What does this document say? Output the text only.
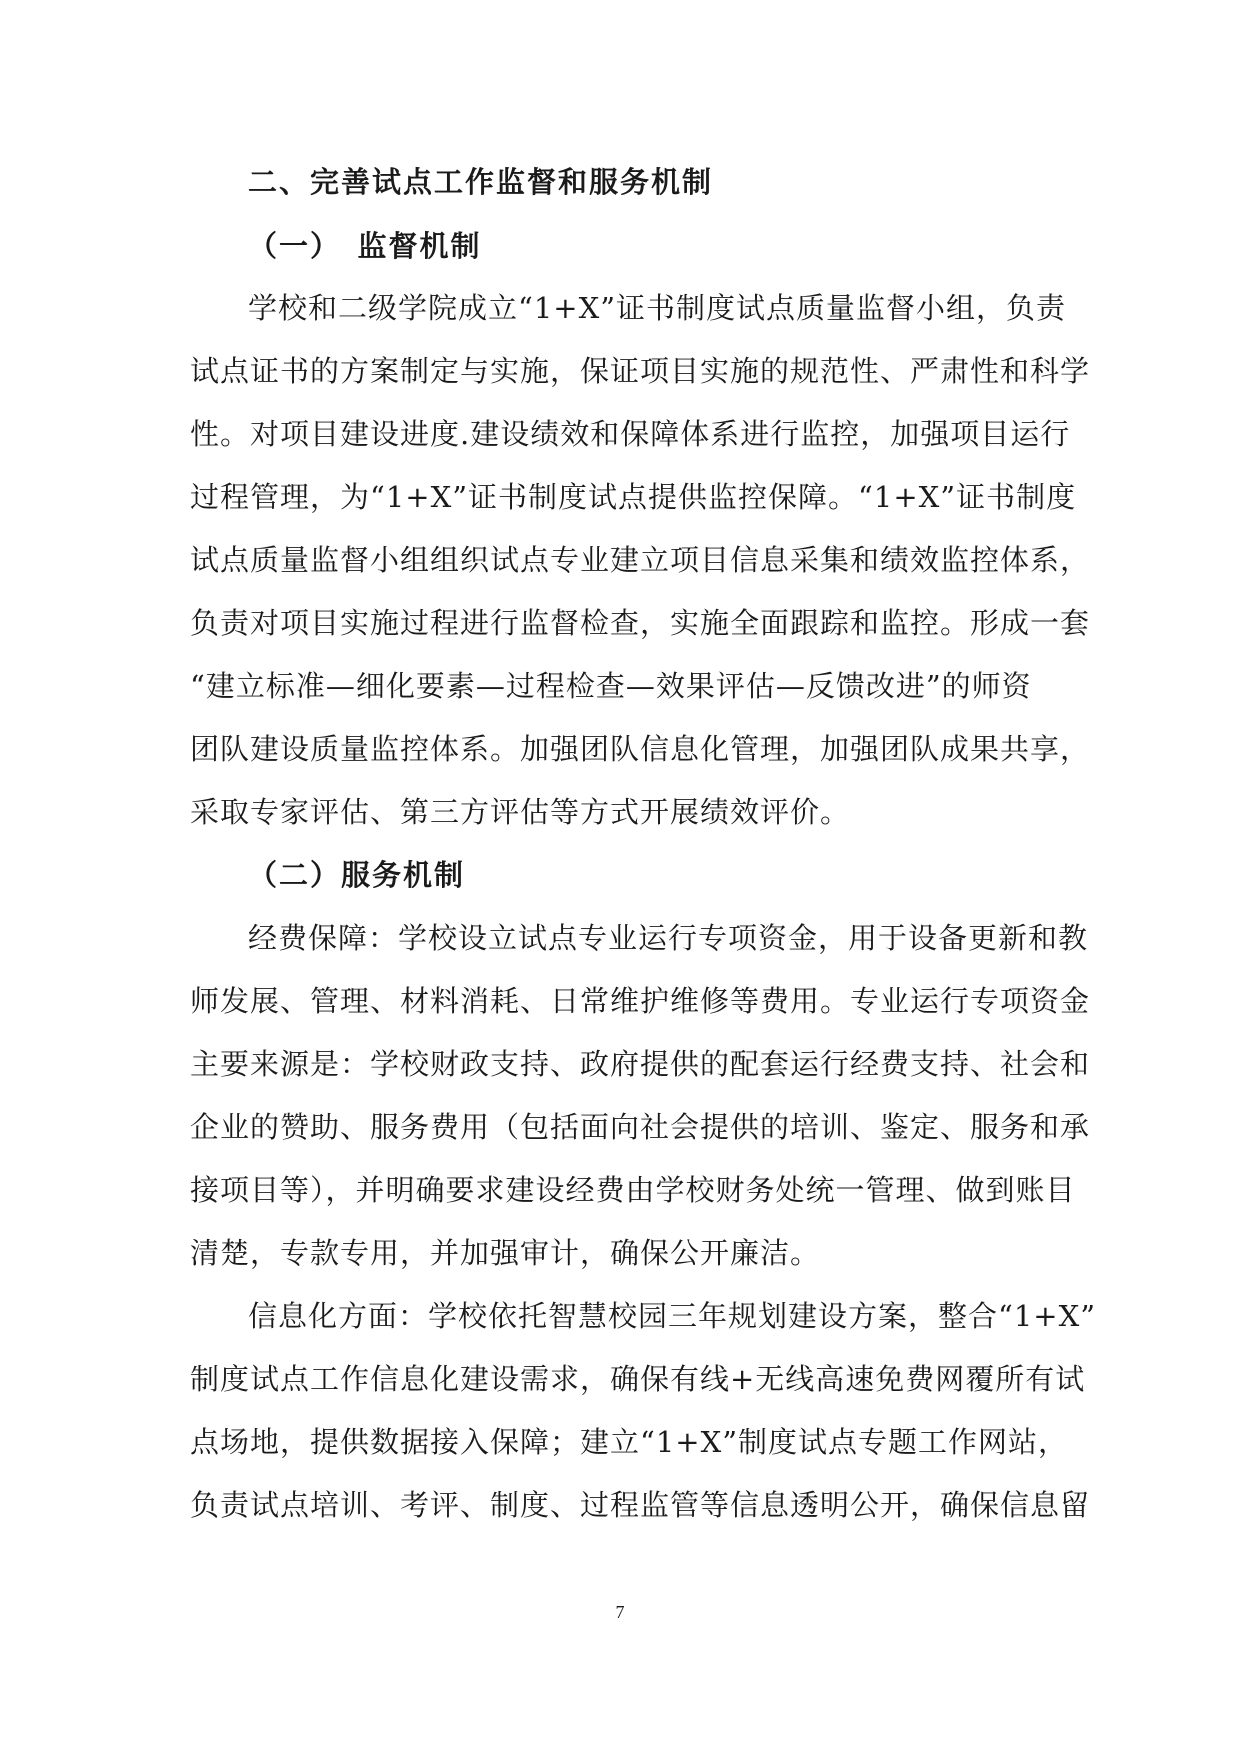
二、完善试点工作监督和服务机制
（一）　监督机制
学校和二级学院成立“1+X”证书制度试点质量监督小组，负责
试点证书的方案制定与实施，保证项目实施的规范性、严肃性和科学
性。对项目建设进度.建设绩效和保障体系进行监控，加强项目运行
过程管理，为“1+X”证书制度试点提供监控保障。“1+X”证书制度
试点质量监督小组组织试点专业建立项目信息采集和绩效监控体系，
负责对项目实施过程进行监督检查，实施全面跟踪和监控。形成一套
“建立标准—细化要素—过程检查—效果评估—反馈改进”的师资
团队建设质量监控体系。加强团队信息化管理，加强团队成果共享，
采取专家评估、第三方评估等方式开展绩效评价。
（二）服务机制
经费保障：学校设立试点专业运行专项资金，用于设备更新和教
师发展、管理、材料消耗、日常维护维修等费用。专业运行专项资金
主要来源是：学校财政支持、政府提供的配套运行经费支持、社会和
企业的赞助、服务费用（包括面向社会提供的培训、鉴定、服务和承
接项目等），并明确要求建设经费由学校财务处统一管理、做到账目
清楚，专款专用，并加强审计，确保公开廉洁。
信息化方面：学校依托智慧校园三年规划建设方案，整合“1+X”
制度试点工作信息化建设需求，确保有线+无线高速免费网覆所有试
点场地，提供数据接入保障；建立“1+X”制度试点专题工作网站，
负责试点培训、考评、制度、过程监管等信息透明公开，确保信息留
7
